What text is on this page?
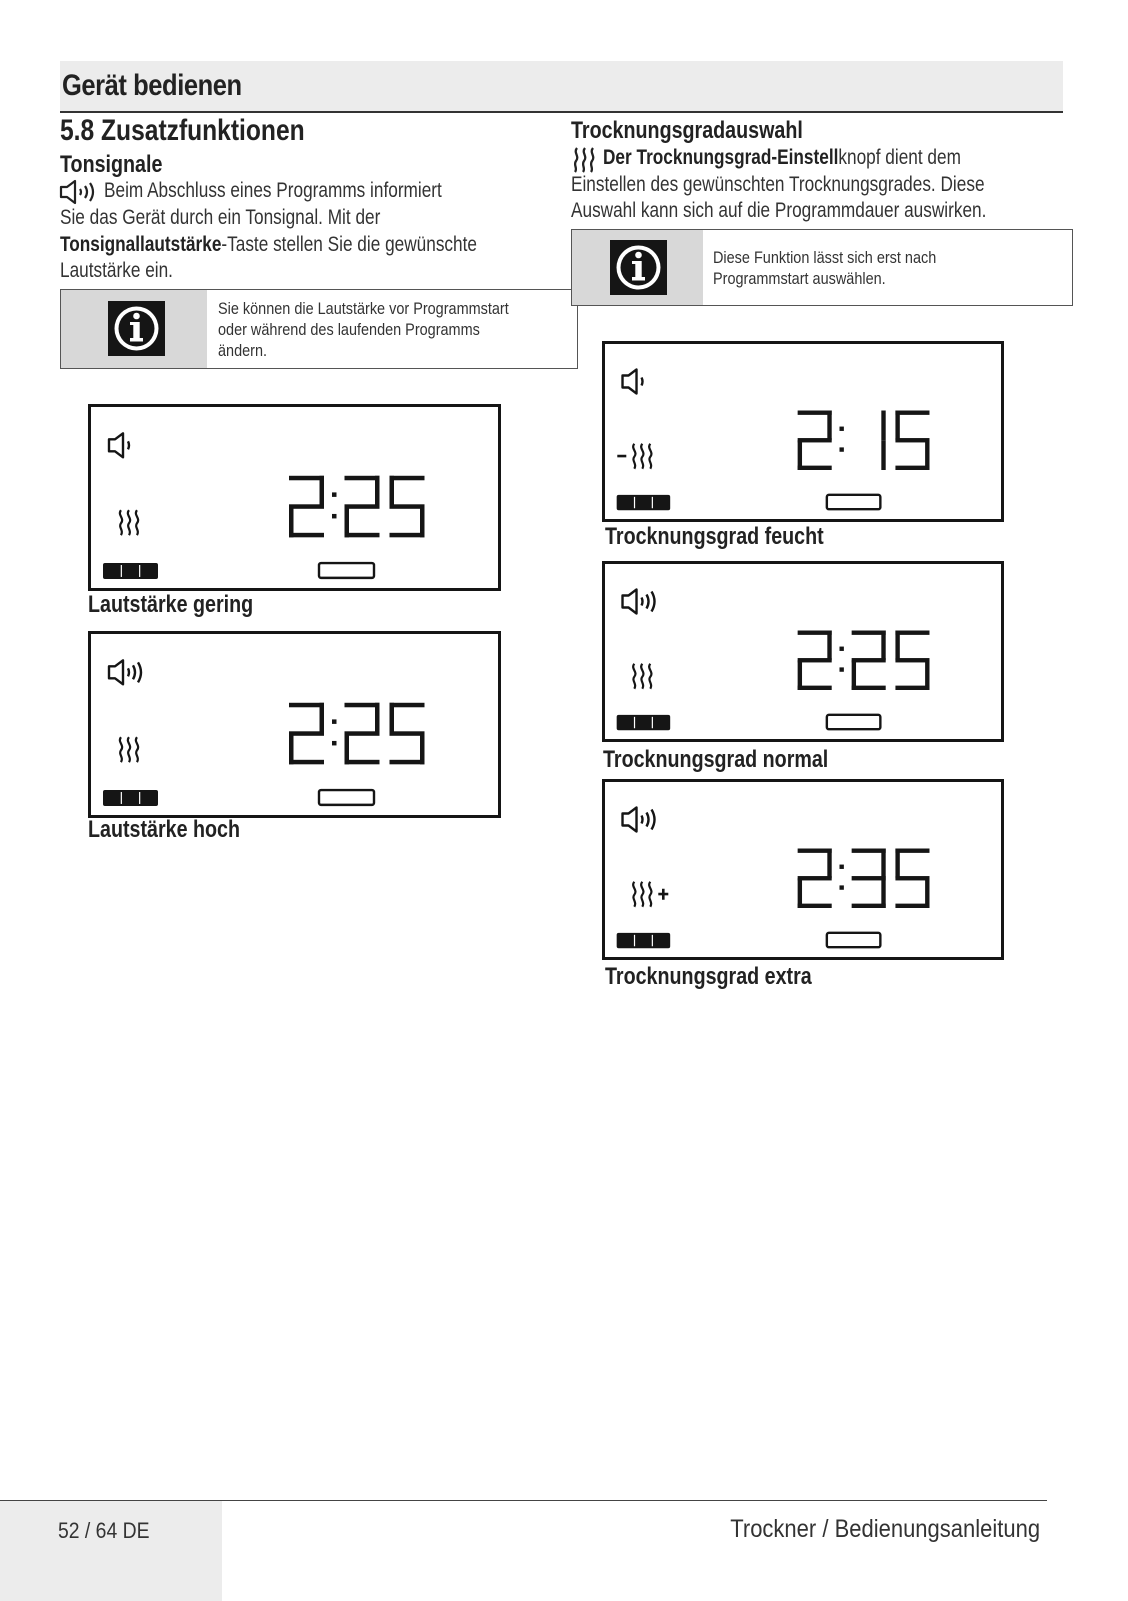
Gerät bedienen
5.8 Zusatzfunktionen
Tonsignale
Beim Abschluss eines Programms informiert
Sie das Gerät durch ein Tonsignal. Mit der
Tonsignallautstärke-Taste stellen Sie die gewünschte
Lautstärke ein.
Sie können die Lautstärke vor Programmstart
oder während des laufenden Programms
ändern.
Trocknungsgradauswahl
Der Trocknungsgrad-Einstellknopf dient dem
Einstellen des gewünschten Trocknungsgrades. Diese
Auswahl kann sich auf die Programmdauer auswirken.
Diese Funktion lässt sich erst nach
Programmstart auswählen.
Lautstärke gering
Lautstärke hoch
Trocknungsgrad feucht
Trocknungsgrad normal
Trocknungsgrad extra
52 / 64 DE	Trockner / Bedienungsanleitung
